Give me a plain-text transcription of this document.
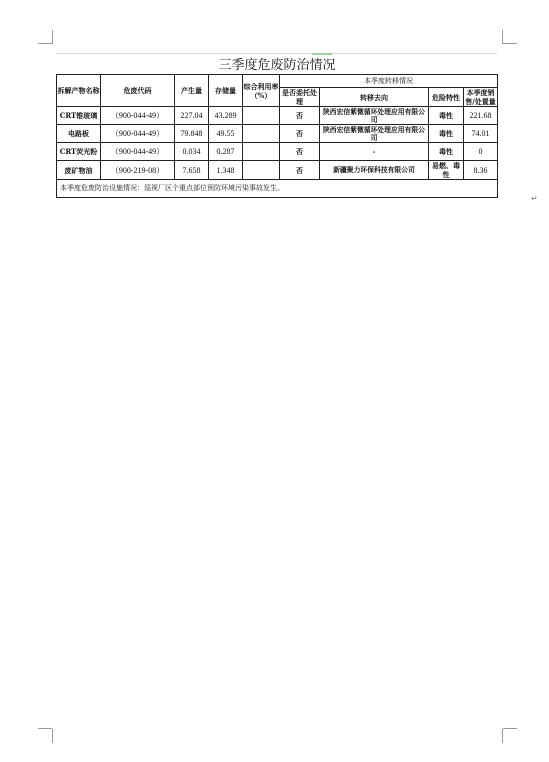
三季度危废防治情况								
拆解产物名称	危废代码	产生量	存储量	综合利用率（%）	本季度转移情况			
					是否委托处理	转移去向	危险特性	本季度销售/处置量
CRT锥玻璃	（900-044-49）	227.04	43.289		否	陕西宏信紫微循环处理应用有限公司	毒性	221.68
电路板	（900-044-49）	79.848	49.55		否	陕西宏信紫微循环处理应用有限公司	毒性	74.01
CRT荧光粉	（900-044-49）	0.034	0.287		否	-	毒性	0
废矿物油	（900-219-08）	7.658	1.348		否	新疆聚力环保科技有限公司	易燃、毒性	8.36
本季度危废防治设施情况：巡视厂区个重点部位预防环境污染事故发生。								
↵
